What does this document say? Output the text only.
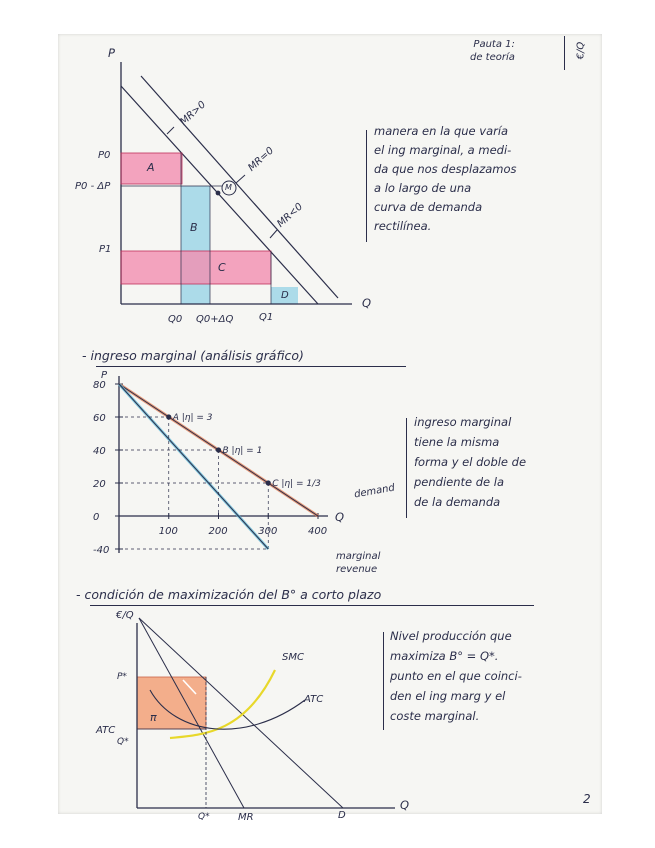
Pauta 1:
de teoría	€/Q
P
Q
P0
P0 - ΔP
P1
Q0 Q0+ΔQ	Q1
A
B
C
D
MR>0
MR=0
MR<0
M
manera en la que varía
el ing marginal, a medi-
da que nos desplazamos
a lo largo de una
curva de demanda
rectilínea.
- ingreso marginal (análisis gráfico)
80
60
40
20
0
-40
100	200	300	400
A |η| = 3
B |η| = 1
C |η| = 1/3
P
Q
demand
marginal revenue
ingreso marginal
tiene la misma
forma y el doble de
pendiente de la
de la demanda
- condición de maximización del B° a corto plazo
€/Q
Q
P*
ATC
Q*
Q*	MR	D
SMC
ATC
π
Nivel producción que
maximiza B° = Q*.
punto en el que coinci-
den el ing marg y el
coste marginal.
2
